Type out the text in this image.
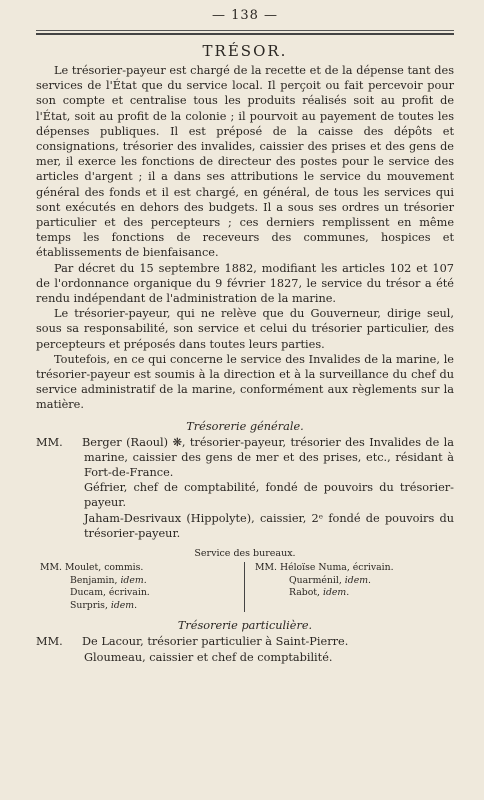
— 138 —
TRÉSOR.

Le trésorier-payeur est chargé de la recette et de la dépense tant des services de l'État que du service local. Il perçoit ou fait percevoir pour son compte et centralise tous les produits réalisés soit au profit de l'État, soit au profit de la colonie ; il pourvoit au payement de toutes les dépenses publiques. Il est préposé de la caisse des dépôts et consignations, trésorier des invalides, caissier des prises et des gens de mer, il exerce les fonctions de directeur des postes pour le service des articles d'argent ; il a dans ses attributions le service du mouvement général des fonds et il est chargé, en général, de tous les services qui sont exécutés en dehors des budgets. Il a sous ses ordres un trésorier particulier et des percepteurs ; ces derniers remplissent en même temps les fonctions de receveurs des communes, hospices et établissements de bienfaisance.

Par décret du 15 septembre 1882, modifiant les articles 102 et 107 de l'ordonnance organique du 9 février 1827, le service du trésor a été rendu indépendant de l'administration de la marine.

Le trésorier-payeur, qui ne relève que du Gouverneur, dirige seul, sous sa responsabilité, son service et celui du trésorier particulier, des percepteurs et préposés dans toutes leurs parties.

Toutefois, en ce qui concerne le service des Invalides de la marine, le trésorier-payeur est soumis à la direction et à la surveillance du chef du service administratif de la marine, conformément aux règlements sur la matière.

Trésorerie générale.

MM. Berger (Raoul) ❋, trésorier-payeur, trésorier des Invalides de la marine, caissier des gens de mer et des prises, etc., résidant à Fort-de-France.

Géfrier, chef de comptabilité, fondé de pouvoirs du trésorier-payeur.

Jaham-Desrivaux (Hippolyte), caissier, 2ᵉ fondé de pouvoirs du trésorier-payeur.

Service des bureaux.
MM. Moulet, commis.
Benjamin, idem.
Ducam, écrivain.
Surpris, idem.
MM. Héloïse Numa, écrivain.
Quarménil, idem.
Rabot, idem.
Trésorerie particulière.

MM. De Lacour, trésorier particulier à Saint-Pierre.

Gloumeau, caissier et chef de comptabilité.
